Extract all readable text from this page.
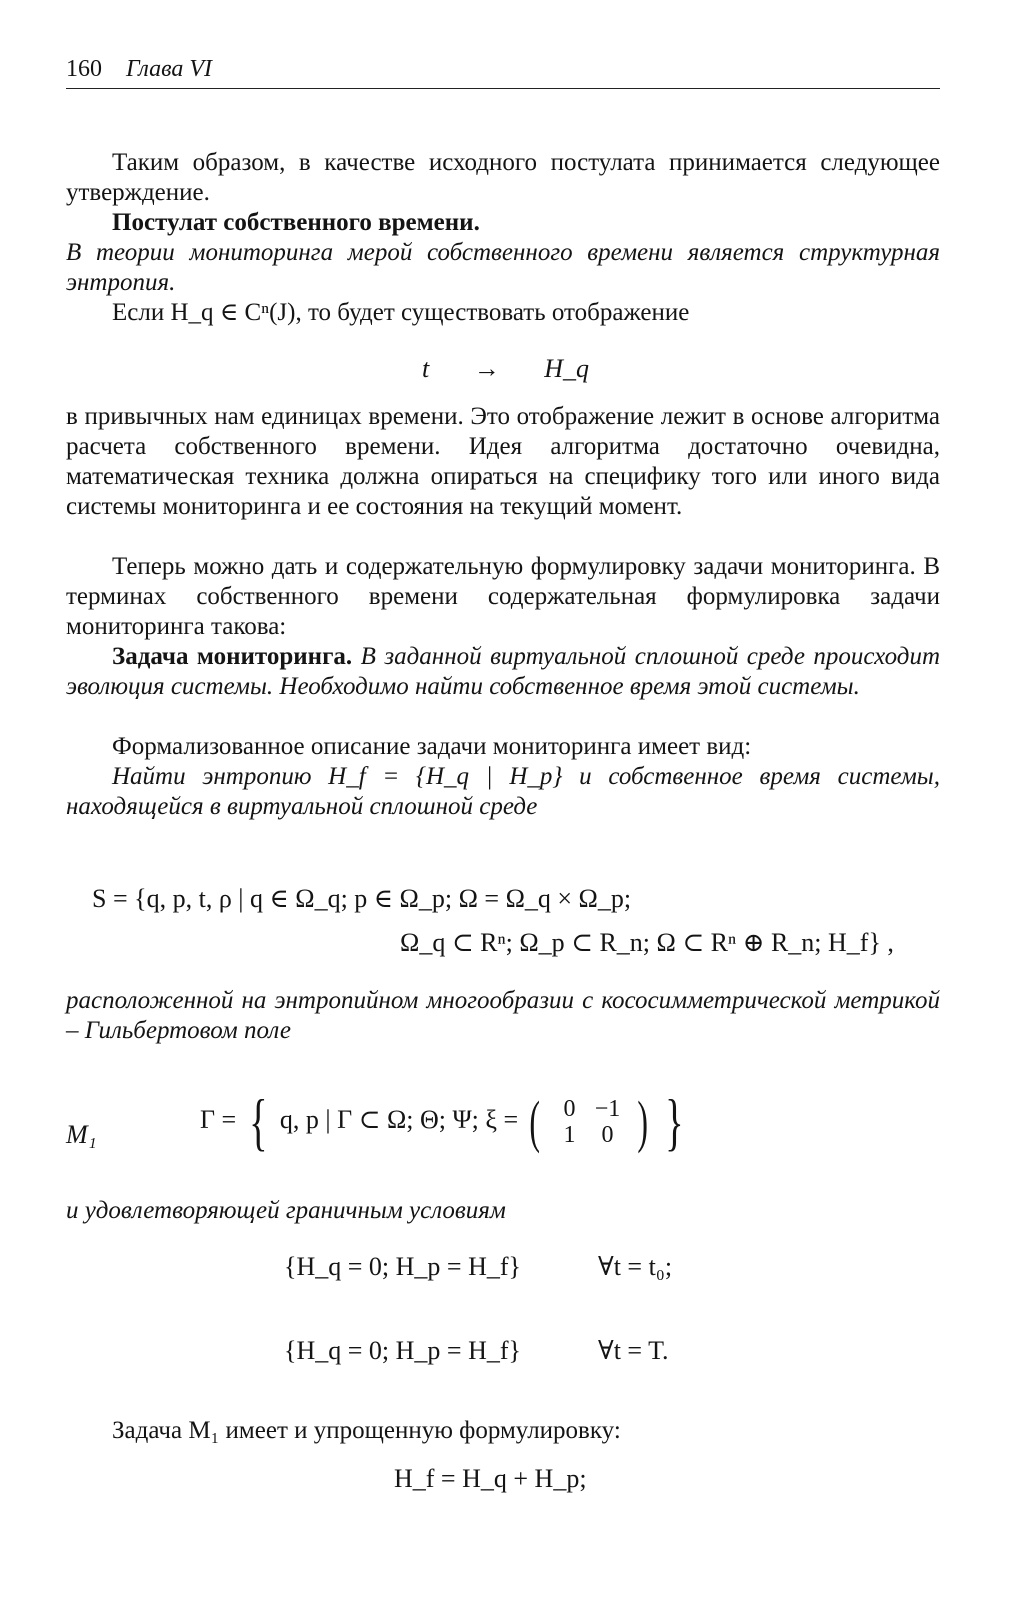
160 Глава VI

Таким образом, в качестве исходного постулата принимается следующее утверждение.

Постулат собственного времени.
В теории мониторинга мерой собственного времени является структурная энтропия.

Если H_q ∈ Cⁿ(J), то будет существовать отображение

t → H_q

в привычных нам единицах времени. Это отображение лежит в основе алгоритма расчета собственного времени. Идея алгоритма достаточно очевидна, математическая техника должна опираться на специфику того или иного вида системы мониторинга и ее состояния на текущий момент.

Теперь можно дать и содержательную формулировку задачи мониторинга. В терминах собственного времени содержательная формулировка задачи мониторинга такова:

Задача мониторинга. В заданной виртуальной сплошной среде происходит эволюция системы. Необходимо найти собственное время этой системы.

Формализованное описание задачи мониторинга имеет вид:

Найти энтропию H_f = {H_q | H_p} и собственное время системы, находящейся в виртуальной сплошной среде

S = {q, p, t, ρ | q ∈ Ω_q; p ∈ Ω_p; Ω = Ω_q × Ω_p;
Ω_q ⊂ Rⁿ; Ω_p ⊂ R_n; Ω ⊂ Rⁿ ⊕ R_n; H_f} ,

расположенной на энтропийном многообразии с кососимметрической метрикой – Гильбертовом поле

M₁
Γ = { q, p | Γ ⊂ Ω; Θ; Ψ; ξ = ( 0 −1
1	0 ) }

и удовлетворяющей граничным условиям

{H_q = 0; H_p = H_f}	∀t = t₀;
{H_q = 0; H_p = H_f}	∀t = T.

Задача M₁ имеет и упрощенную формулировку:

H_f = H_q + H_p;
